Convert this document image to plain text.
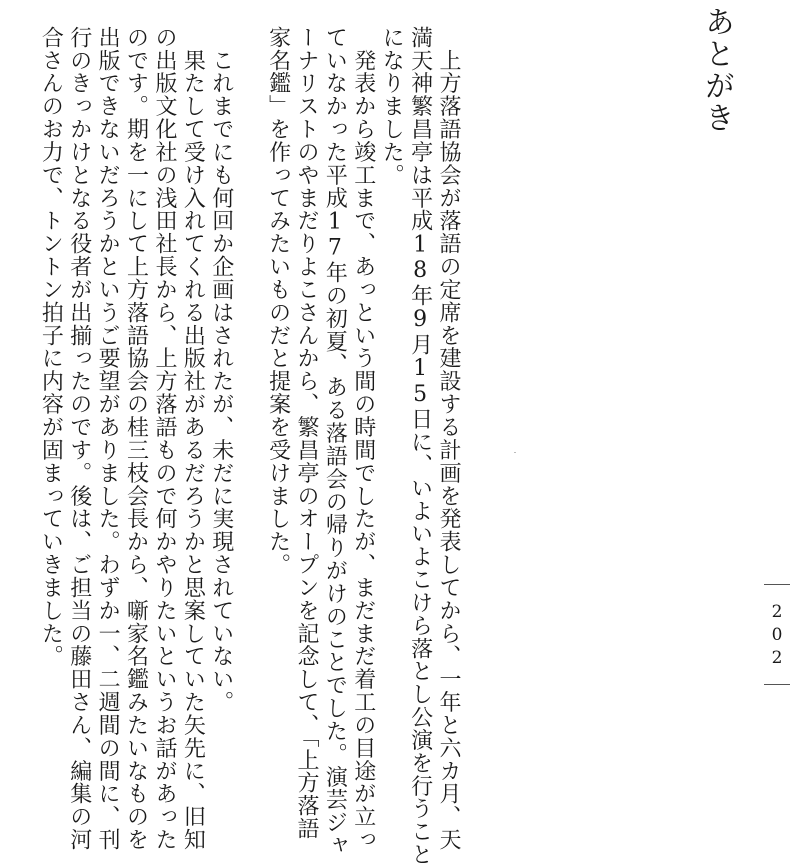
あとがき
　上方落語協会が落語の定席を建設する計画を発表してから、一年と六カ月、天
満天神繁昌亭は平成18年9月15日に、いよいよこけら落とし公演を行うこと
になりました。
　発表から竣工まで、あっという間の時間でしたが、まだまだ着工の目途が立っ
ていなかった平成17年の初夏、ある落語会の帰りがけのことでした。演芸ジャ
ーナリストのやまだりよこさんから、繁昌亭のオープンを記念して、「上方落語
家名鑑」を作ってみたいものだと提案を受けました。

　これまでにも何回か企画はされたが、未だに実現されていない。
　果たして受け入れてくれる出版社があるだろうかと思案していた矢先に、旧知
の出版文化社の浅田社長から、上方落語もので何かやりたいというお話があった
のです。期を一にして上方落語協会の桂三枝会長から、噺家名鑑みたいなものを
出版できないだろうかというご要望がありました。わずか一、二週間の間に、刊
行のきっかけとなる役者が出揃ったのです。後は、ご担当の藤田さん、編集の河
合さんのお力で、トントン拍子に内容が固まっていきました。	202
